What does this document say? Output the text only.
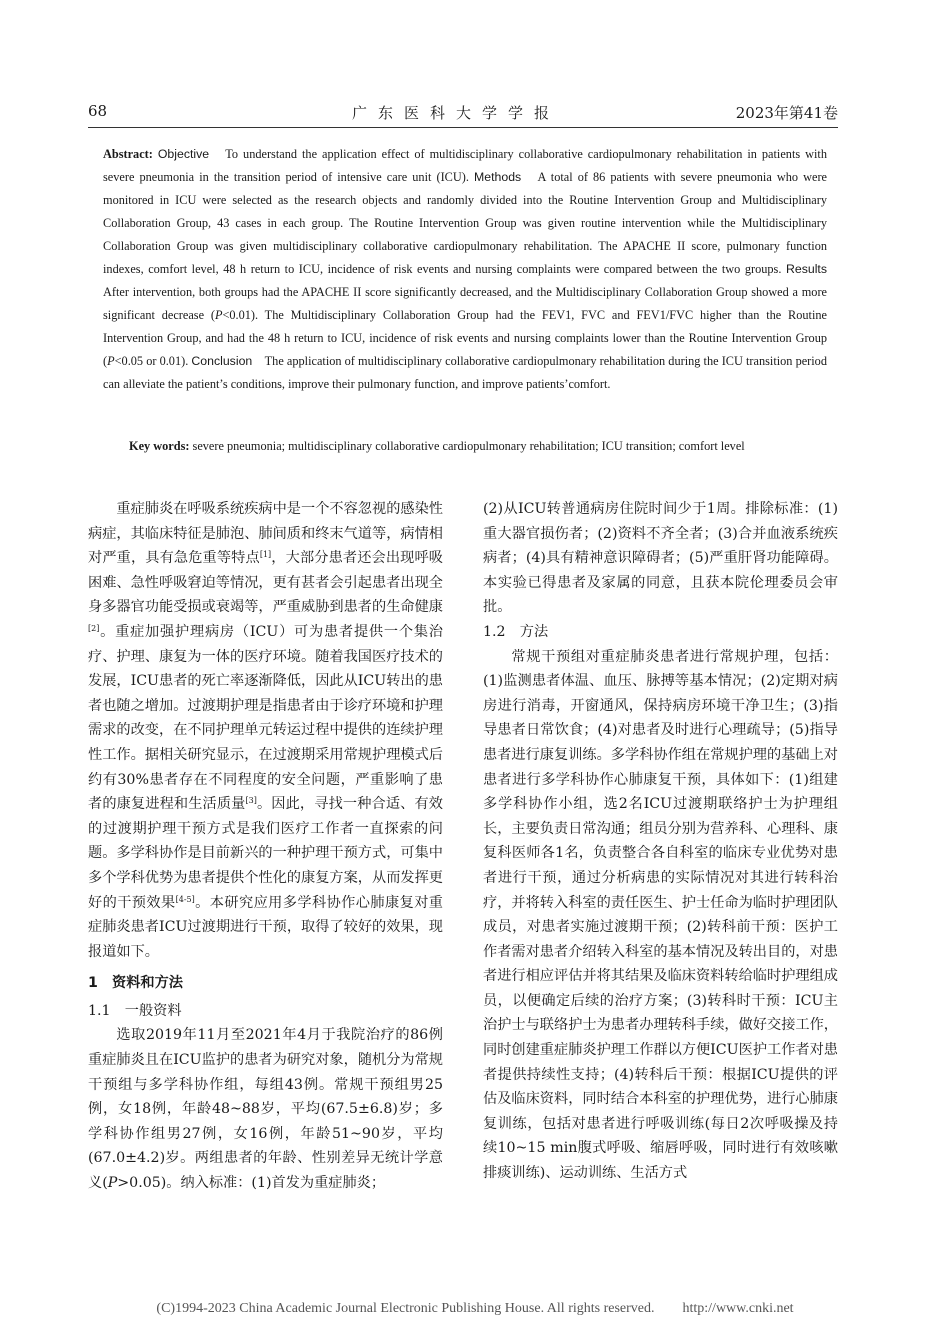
68	广东医科大学学报	2023年第41卷
Abstract: Objective　 To understand the application effect of multidisciplinary collaborative cardiopulmonary rehabilitation in patients with severe pneumonia in the transition period of intensive care unit (ICU). Methods　 A total of 86 patients with severe pneumonia who were monitored in ICU were selected as the research objects and randomly divided into the Routine Intervention Group and Multidisciplinary Collaboration Group, 43 cases in each group. The Routine Intervention Group was given routine intervention while the Multidisciplinary Collaboration Group was given multidisciplinary collaborative cardiopulmonary rehabilitation. The APACHE II score, pulmonary function indexes, comfort level, 48 h return to ICU, incidence of risk events and nursing complaints were compared between the two groups. Results　After intervention, both groups had the APACHE II score significantly decreased, and the Multidisciplinary Collaboration Group showed a more significant decrease (P<0.01). The Multidisciplinary Collaboration Group had the FEV1, FVC and FEV1/FVC higher than the Routine Intervention Group, and had the 48 h return to ICU, incidence of risk events and nursing complaints lower than the Routine Intervention Group (P<0.05 or 0.01). Conclusion　 The application of multidisciplinary collaborative cardiopulmonary rehabilitation during the ICU transition period can alleviate the patient’s conditions, improve their pulmonary function, and improve patients’comfort.
Key words: severe pneumonia; multidisciplinary collaborative cardiopulmonary rehabilitation; ICU transition; comfort level

重症肺炎在呼吸系统疾病中是一个不容忽视的感染性病症，其临床特征是肺泡、肺间质和终末气道等，病情相对严重，具有急危重等特点[1]，大部分患者还会出现呼吸困难、急性呼吸窘迫等情况，更有甚者会引起患者出现全身多器官功能受损或衰竭等，严重威胁到患者的生命健康[2]。重症加强护理病房（ICU）可为患者提供一个集治疗、护理、康复为一体的医疗环境。随着我国医疗技术的发展，ICU患者的死亡率逐渐降低，因此从ICU转出的患者也随之增加。过渡期护理是指患者由于诊疗环境和护理需求的改变，在不同护理单元转运过程中提供的连续护理性工作。据相关研究显示，在过渡期采用常规护理模式后约有30%患者存在不同程度的安全问题，严重影响了患者的康复进程和生活质量[3]。因此，寻找一种合适、有效的过渡期护理干预方式是我们医疗工作者一直探索的问题。多学科协作是目前新兴的一种护理干预方式，可集中多个学科优势为患者提供个性化的康复方案，从而发挥更好的干预效果[4-5]。本研究应用多学科协作心肺康复对重症肺炎患者ICU过渡期进行干预，取得了较好的效果，现报道如下。

1　资料和方法
1.1　一般资料

选取2019年11月至2021年4月于我院治疗的86例重症肺炎且在ICU监护的患者为研究对象，随机分为常规干预组与多学科协作组，每组43例。常规干预组男25例，女18例，年龄48~88岁，平均(67.5±6.8)岁；多学科协作组男27例，女16例，年龄51~90岁，平均(67.0±4.2)岁。两组患者的年龄、性别差异无统计学意义(P>0.05)。纳入标准：(1)首发为重症肺炎；

(2)从ICU转普通病房住院时间少于1周。排除标准：(1)重大器官损伤者；(2)资料不齐全者；(3)合并血液系统疾病者；(4)具有精神意识障碍者；(5)严重肝肾功能障碍。本实验已得患者及家属的同意，且获本院伦理委员会审批。

1.2　方法

常规干预组对重症肺炎患者进行常规护理，包括：(1)监测患者体温、血压、脉搏等基本情况；(2)定期对病房进行消毒，开窗通风，保持病房环境干净卫生；(3)指导患者日常饮食；(4)对患者及时进行心理疏导；(5)指导患者进行康复训练。多学科协作组在常规护理的基础上对患者进行多学科协作心肺康复干预，具体如下：(1)组建多学科协作小组，选2名ICU过渡期联络护士为护理组长，主要负责日常沟通；组员分别为营养科、心理科、康复科医师各1名，负责整合各自科室的临床专业优势对患者进行干预，通过分析病患的实际情况对其进行转科治疗，并将转入科室的责任医生、护士任命为临时护理团队成员，对患者实施过渡期干预；(2)转科前干预：医护工作者需对患者介绍转入科室的基本情况及转出目的，对患者进行相应评估并将其结果及临床资料转给临时护理组成员，以便确定后续的治疗方案；(3)转科时干预：ICU主治护士与联络护士为患者办理转科手续，做好交接工作，同时创建重症肺炎护理工作群以方便ICU医护工作者对患者提供持续性支持；(4)转科后干预：根据ICU提供的评估及临床资料，同时结合本科室的护理优势，进行心肺康复训练，包括对患者进行呼吸训练(每日2次呼吸操及持续10~15 min腹式呼吸、缩唇呼吸，同时进行有效咳嗽排痰训练)、运动训练、生活方式

(C)1994-2023 China Academic Journal Electronic Publishing House. All rights reserved.　　http://www.cnki.net
